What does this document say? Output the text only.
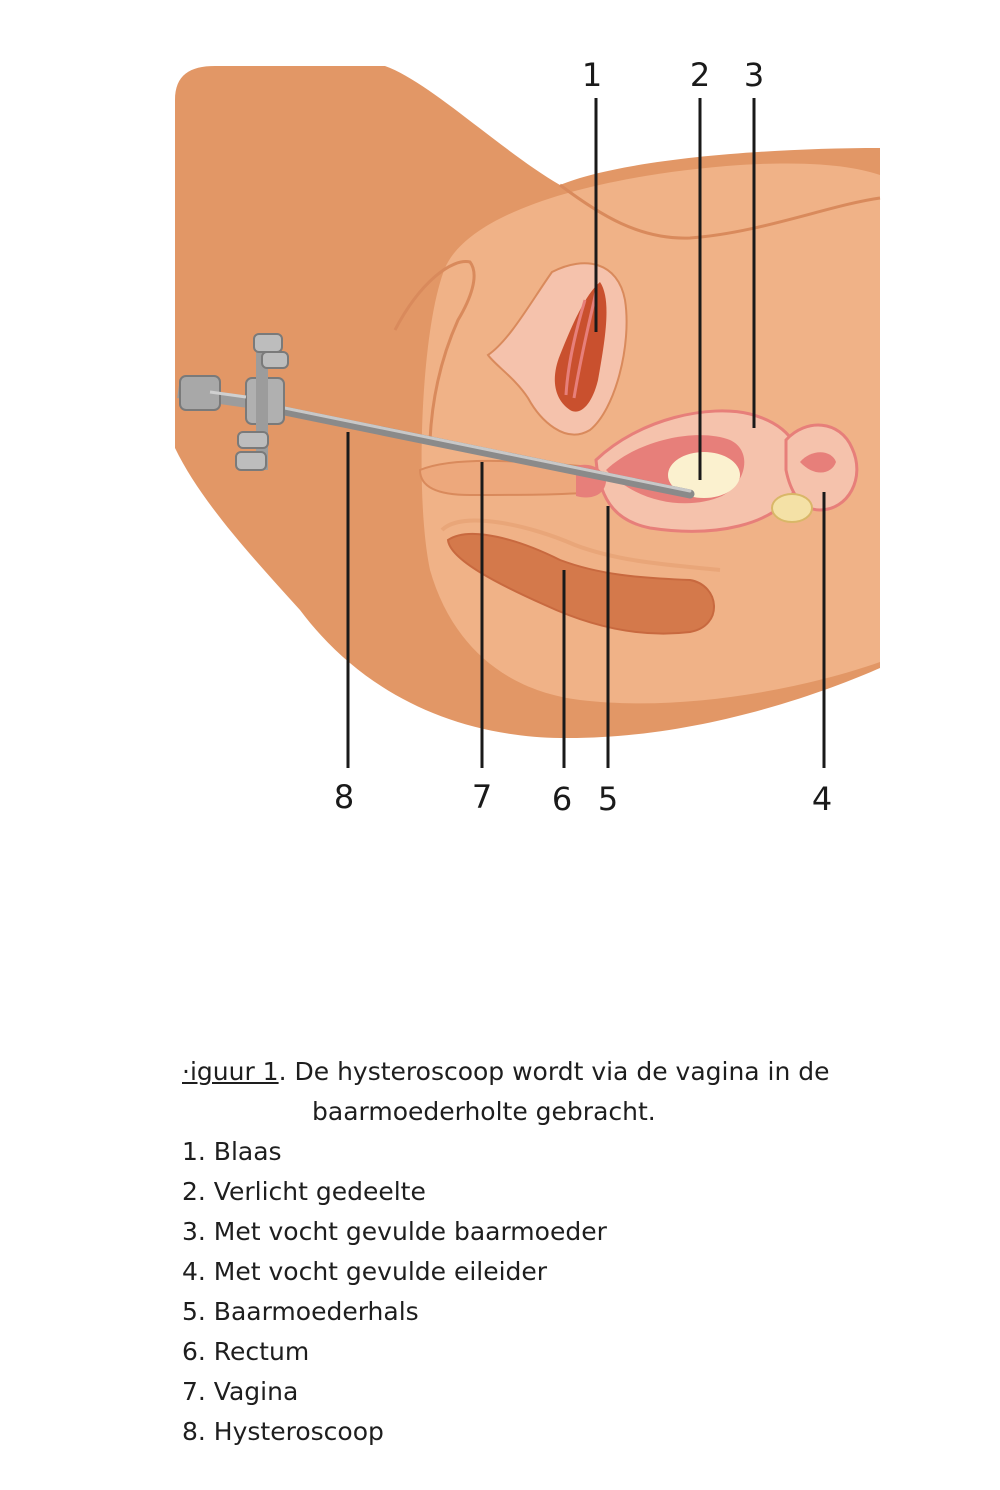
1	2 3
4
5
6
7
8
·iguur 1. De hysteroscoop wordt via de vagina in de
baarmoederholte gebracht.
1. Blaas
2. Verlicht gedeelte
3. Met vocht gevulde baarmoeder
4. Met vocht gevulde eileider
5. Baarmoederhals
6. Rectum
7. Vagina
8. Hysteroscoop
